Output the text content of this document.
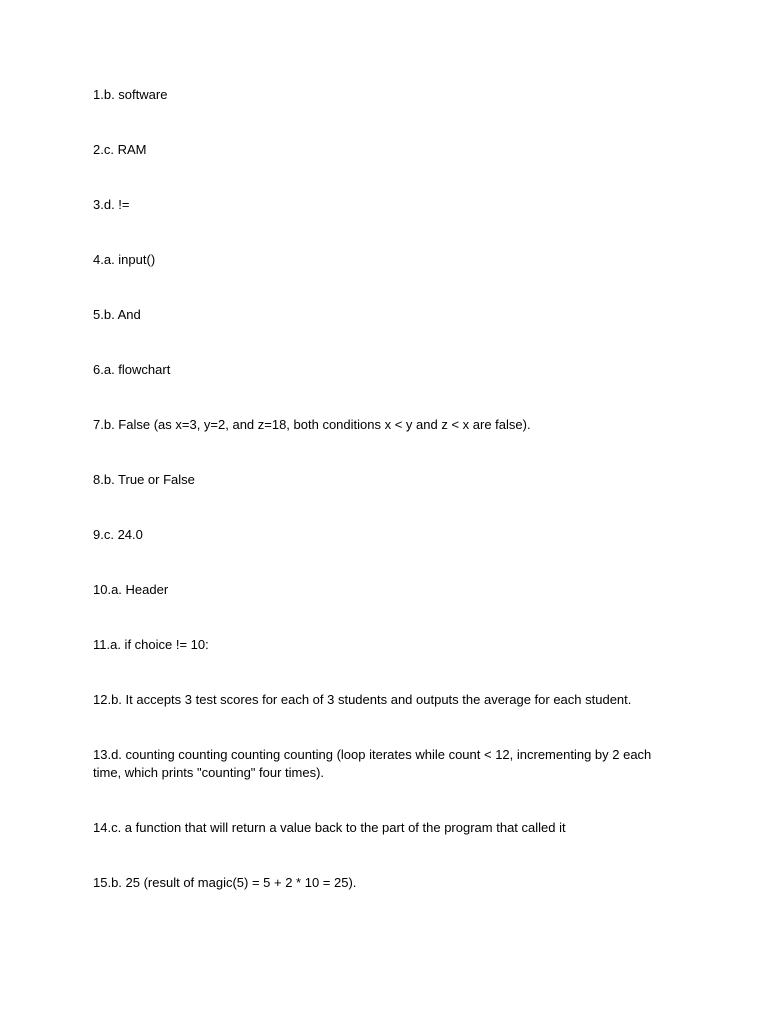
1.b. software
2.c. RAM
3.d. !=
4.a. input()
5.b. And
6.a. flowchart
7.b. False (as x=3, y=2, and z=18, both conditions x < y and z < x are false).
8.b. True or False
9.c. 24.0
10.a. Header
11.a. if choice != 10:
12.b. It accepts 3 test scores for each of 3 students and outputs the average for each student.
13.d. counting counting counting counting (loop iterates while count < 12, incrementing by 2 each time, which prints "counting" four times).
14.c. a function that will return a value back to the part of the program that called it
15.b. 25 (result of magic(5) = 5 + 2 * 10 = 25).
